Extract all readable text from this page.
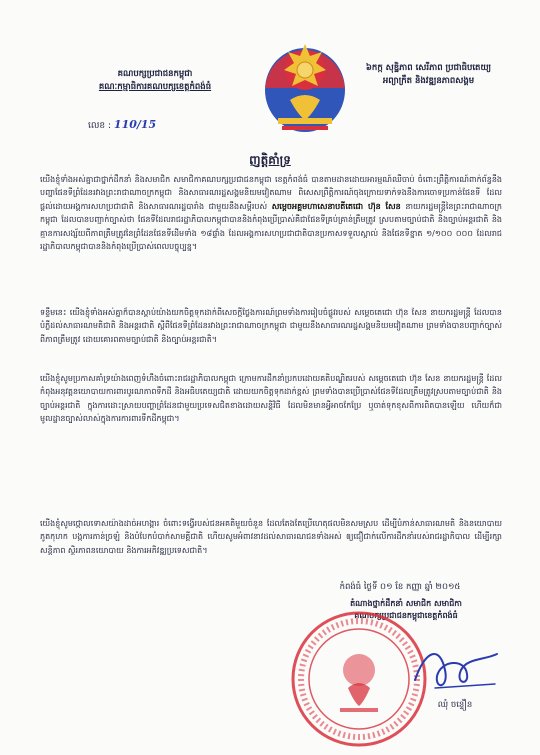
គណបក្សប្រជាជនកម្ពុជា
គណៈកម្មាធិការគណបក្សខេត្តកំពង់ធំ
លេខ : 110/15
៦កក្ក សុឌ្ឋិភាព សេរីភាព ប្រជាធិបតេយ្យ
អព្យាក្រឹត និងវឌ្ឍនភាពសង្គម
ញត្តិគាំទ្រ
យើងខ្ញុំទាំងអស់គ្នាជាថ្នាក់ដឹកនាំ និងសមាជិក សមាជិកាគណបក្សប្រជាជនកម្ពុជា ខេត្តកំពង់ធំ បានតាមដានដោយអារម្មណ៍ឈឺចាប់ ចំពោះព្រឹត្តិការណ៍ពាក់ព័ន្ធនឹងបញ្ហាផែនទីព្រំដែនរវាងព្រះរាជាណាចក្រកម្ពុជា និងសាធារណរដ្ឋសង្គមនិយមវៀតណាម ពិសេសព្រឹត្តិការណ៍ចុងក្រោយទាក់ទងនឹងការចោទប្រកាន់ផែនទី ដែលផ្ដល់ដោយអង្គការសហប្រជាជាតិ និងសាធារណរដ្ឋបារាំង ជាមួយនឹងសម្តីរបស់ សម្តេចអគ្គមហាសេនាបតីតេជោ ហ៊ុន សែន នាយករដ្ឋមន្រ្តីនៃព្រះរាជាណាចក្រកម្ពុជា ដែលបានបញ្ជាក់ច្បាស់ថា ផែនទីដែលរាជរដ្ឋាភិបាលកម្ពុជាបាននិងកំពុងប្រើប្រាស់គឺជាផែនទីគ្រប់គ្រាន់ត្រឹមត្រូវ ស្របតាមច្បាប់ជាតិ និងច្បាប់អន្តរជាតិ និងគ្មានការសង្ស័យពីភាពត្រឹមត្រូវនៃព្រំដែនផែនទីដើមទាំង ១៨ផ្ទាំង ដែលអង្គការសហប្រជាជាតិបានប្រកាសទទួលស្គាល់ និងផែនទីខ្នាត ១/១០០ ០០០ ដែលរាជរដ្ឋាភិបាលកម្ពុជាបាននិងកំពុងប្រើប្រាស់ពេលបច្ចុប្បន្ន។
ទន្ទឹមនេះ យើងខ្ញុំទាំងអស់គ្នាក៏បានស្ដាប់យ៉ាងយកចិត្តទុកដាក់ពីសេចក្តីថ្លែងការណ៍ព្រមទាំងការរៀបចំផ្លូវរបស់ សម្តេចតេជោ ហ៊ុន សែន នាយករដ្ឋមន្ត្រី ដែលបានបំភ្លឺដល់សាធារណមតិជាតិ និងអន្តរជាតិ ស្តីពីផែនទីព្រំដែនរវាងព្រះរាជាណាចក្រកម្ពុជា ជាមួយនឹងសាធារណរដ្ឋសង្គមនិយមវៀតណាម ព្រមទាំងបានបញ្ជាក់ច្បាស់ពីភាពត្រឹមត្រូវ ដោយគោរពតាមច្បាប់ជាតិ និងច្បាប់អន្តរជាតិ។
យើងខ្ញុំសូមប្រកាសគាំទ្រយ៉ាងពេញទំហឹងចំពោះរាជរដ្ឋាភិបាលកម្ពុជា ក្រោមការដឹកនាំប្រកបដោយគតិបណ្ឌិតរបស់ សម្តេចតេជោ ហ៊ុន សែន នាយករដ្ឋមន្ត្រី ដែលកំពុងអនុវត្តនយោបាយការពារបូរណភាពទឹកដី និងអធិបតេយ្យជាតិ ដោយយកចិត្តទុកដាក់ខ្ពស់ ព្រមទាំងបានប្រើប្រាស់ផែនទីដែលត្រឹមត្រូវស្របតាមច្បាប់ជាតិ និងច្បាប់អន្តរជាតិ ក្នុងការដោះស្រាយបញ្ហាព្រំដែនជាមួយប្រទេសជិតខាងដោយសន្តិវិធី ដែលមិនមានអ្វីអាចកែប្រែ ឬចាត់ទុកខុសពីការពិតបានឡើយ ហើយក៏ជាមូលដ្ឋានច្បាស់លាស់ក្នុងការការពារទឹកដីកម្ពុជា។
យើងខ្ញុំសូមថ្កោលទោសយ៉ាងដាច់អហង្ការ ចំពោះទង្វើរបស់ជនអគតិមួយចំនួន ដែលតែងតែប្រើហេតុផលមិនសមស្រប ដើម្បីបំភាន់សាធារណមតិ និងនយោបាយភូតកុហក បង្កការភាន់ច្រឡំ និងបំបែកបំបាក់សាមគ្គីជាតិ ហើយសូមអំពាវនាវដល់សាធារណជនទាំងអស់ ឲ្យជឿជាក់លើការដឹកនាំរបស់រាជរដ្ឋាភិបាល ដើម្បីរក្សាសន្តិភាព ស្ថិរភាពនយោបាយ និងការអភិវឌ្ឍប្រទេសជាតិ។
កំពង់ធំ ថ្ងៃទី ០១ ខែ កញ្ញា ឆ្នាំ ២០១៥
តំណាងថ្នាក់ដឹកនាំ សមាជិក សមាជិកា
គណបក្សប្រជាជនកម្ពុជាខេត្តកំពង់ធំ
ឈុំ ចន្ទឿន
